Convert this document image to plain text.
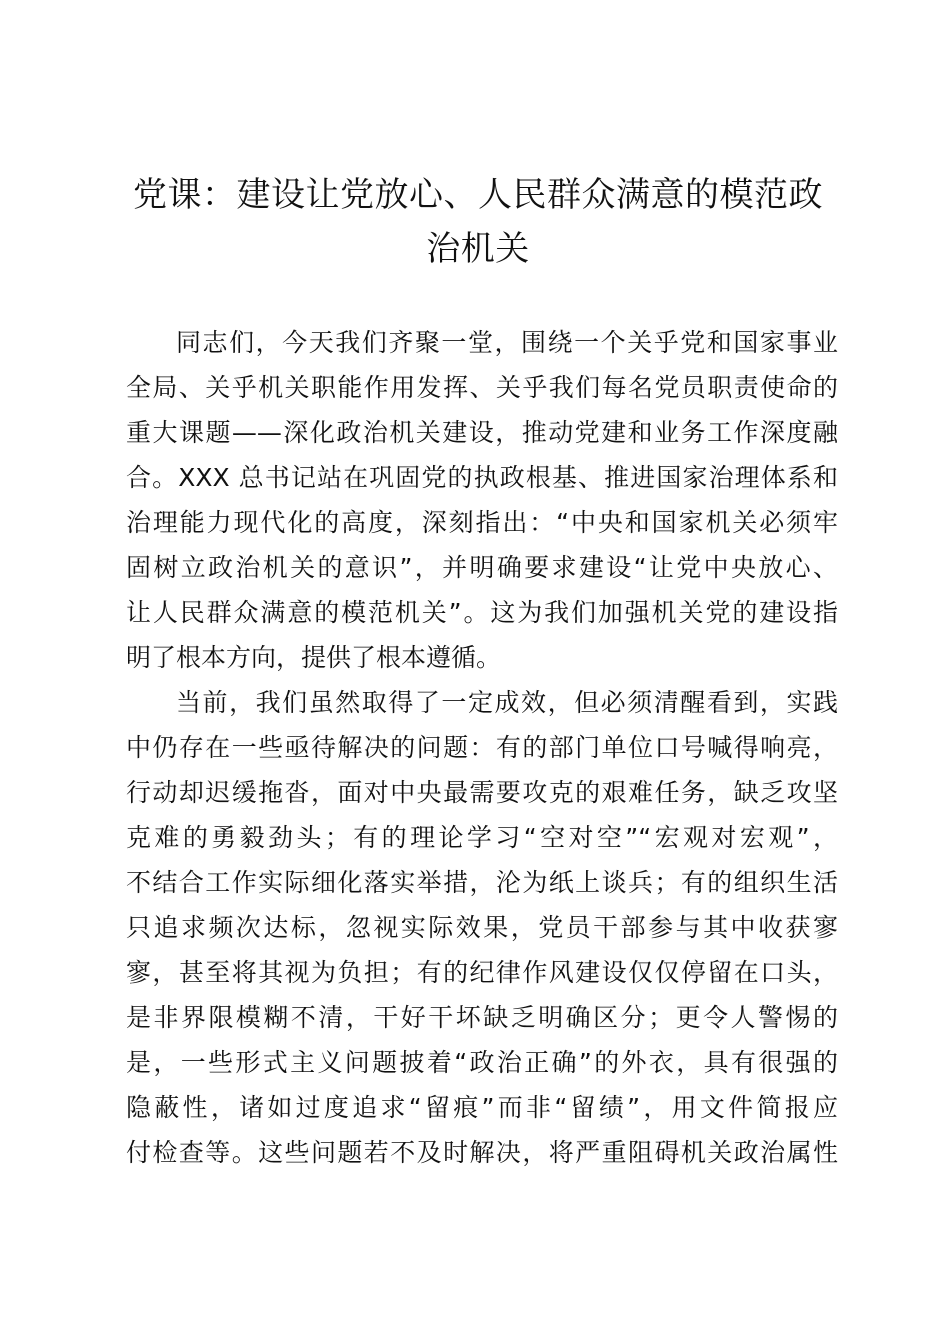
党课：建设让党放心、人民群众满意的模范政
治机关
同志们，今天我们齐聚一堂，围绕一个关乎党和国家事业
全局、关乎机关职能作用发挥、关乎我们每名党员职责使命的
重大课题——深化政治机关建设，推动党建和业务工作深度融
合。XXX 总书记站在巩固党的执政根基、推进国家治理体系和
治理能力现代化的高度，深刻指出：“中央和国家机关必须牢
固树立政治机关的意识”，并明确要求建设“让党中央放心、
让人民群众满意的模范机关”。这为我们加强机关党的建设指
明了根本方向，提供了根本遵循。
当前，我们虽然取得了一定成效，但必须清醒看到，实践
中仍存在一些亟待解决的问题：有的部门单位口号喊得响亮，
行动却迟缓拖沓，面对中央最需要攻克的艰难任务，缺乏攻坚
克难的勇毅劲头；有的理论学习“空对空”“宏观对宏观”，
不结合工作实际细化落实举措，沦为纸上谈兵；有的组织生活
只追求频次达标，忽视实际效果，党员干部参与其中收获寥
寥，甚至将其视为负担；有的纪律作风建设仅仅停留在口头，
是非界限模糊不清，干好干坏缺乏明确区分；更令人警惕的
是，一些形式主义问题披着“政治正确”的外衣，具有很强的
隐蔽性，诸如过度追求“留痕”而非“留绩”，用文件简报应
付检查等。这些问题若不及时解决，将严重阻碍机关政治属性
